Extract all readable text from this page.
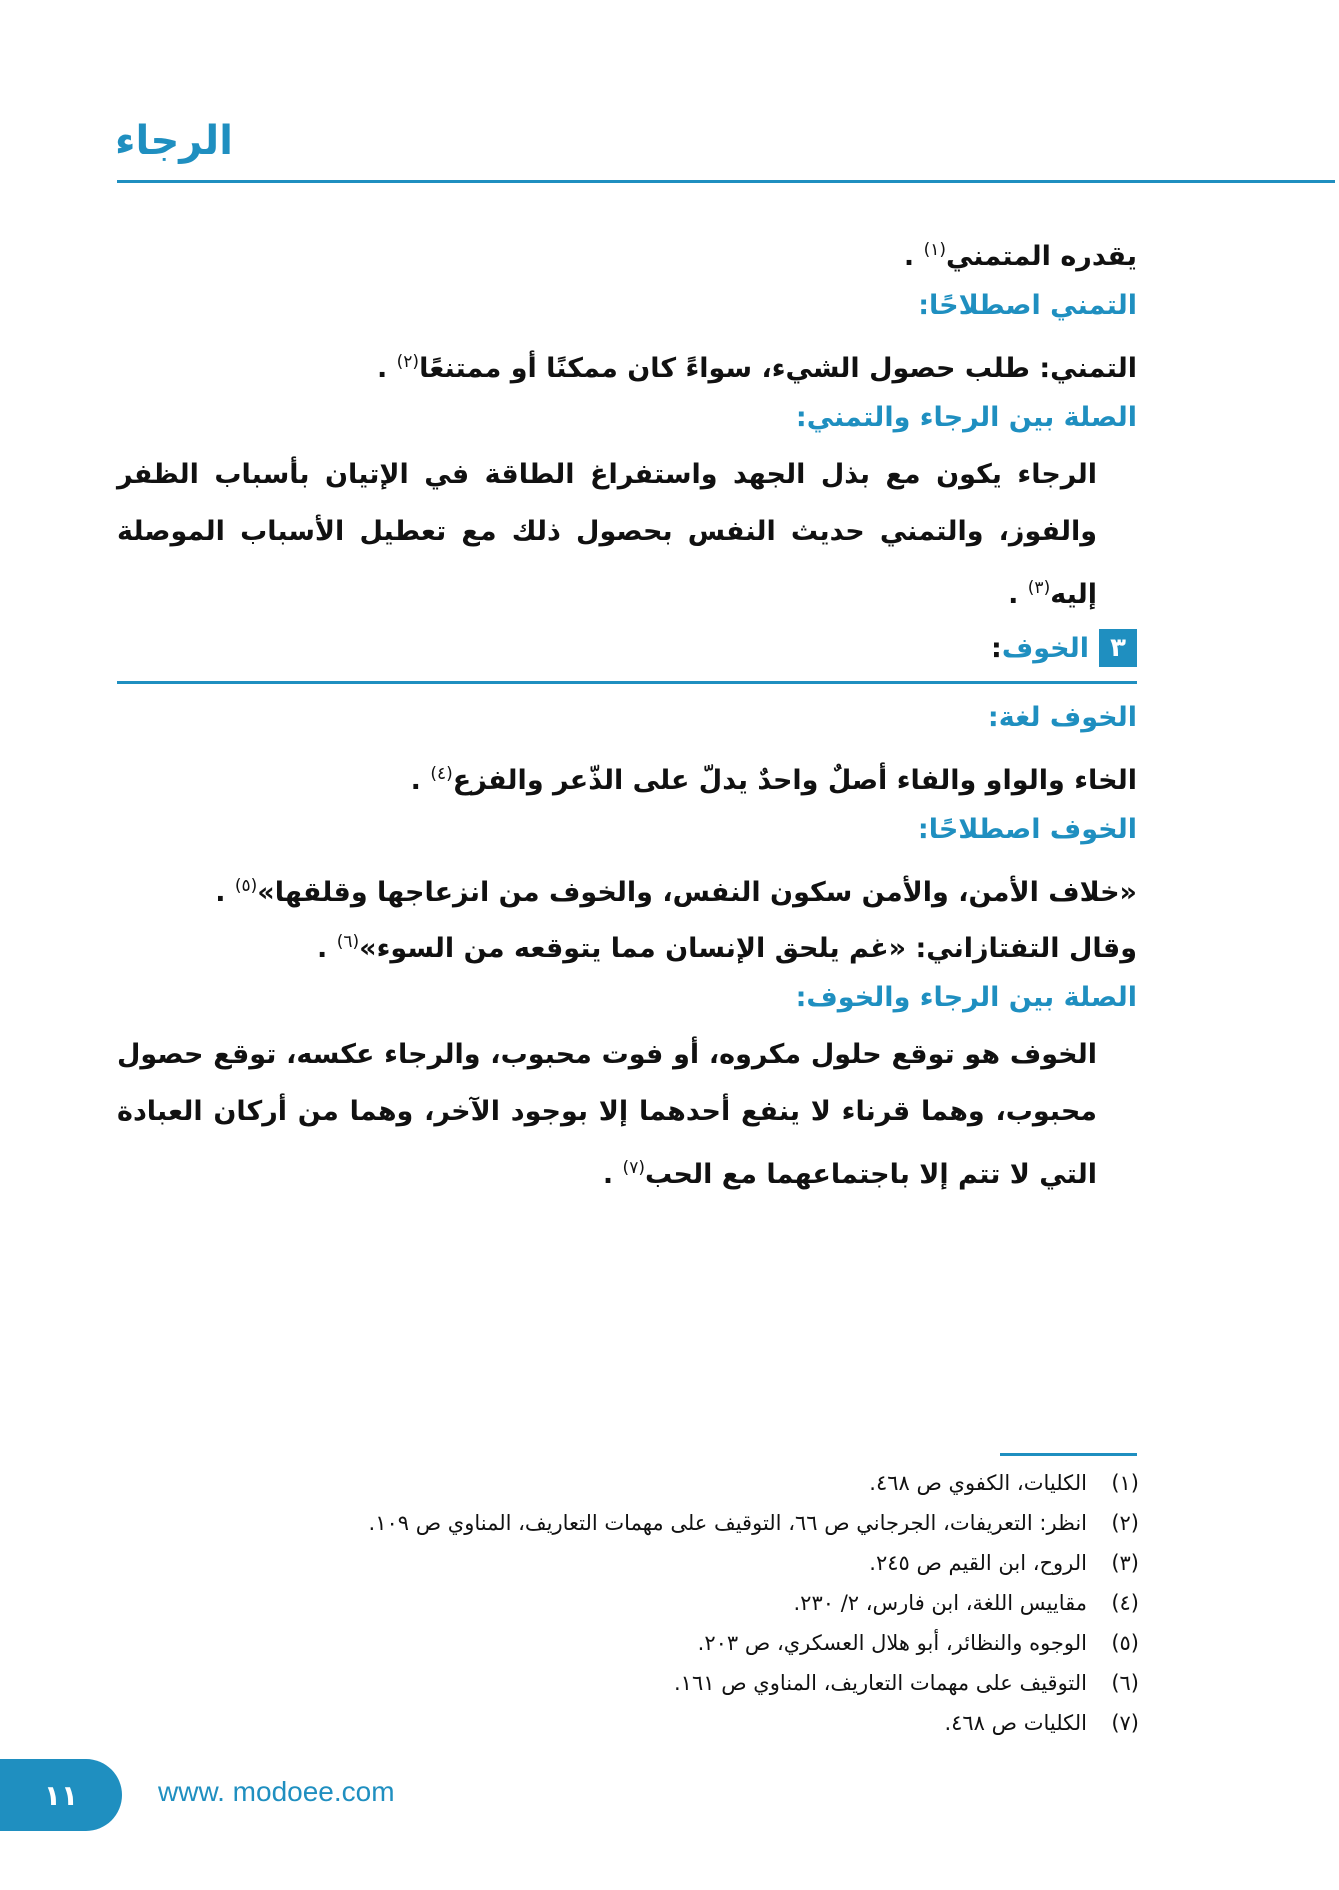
الرجاء
يقدره المتمني$^{(١)}$ .
التمني اصطلاحًا:
التمني: طلب حصول الشيء، سواءً كان ممكنًا أو ممتنعًا$^{(٢)}$ .
الصلة بين الرجاء والتمني:
الرجاء يكون مع بذل الجهد واستفراغ الطاقة في الإتيان بأسباب الظفر والفوز، والتمني حديث النفس بحصول ذلك مع تعطيل الأسباب الموصلة إليه$^{(٣)}$ .
٣
الخوف:
الخوف لغة:
الخاء والواو والفاء أصلٌ واحدٌ يدلّ على الذّعر والفزع$^{(٤)}$ .
الخوف اصطلاحًا:
«خلاف الأمن، والأمن سكون النفس، والخوف من انزعاجها وقلقها»$^{(٥)}$ .
وقال التفتازاني: «غم يلحق الإنسان مما يتوقعه من السوء»$^{(٦)}$ .
الصلة بين الرجاء والخوف:
الخوف هو توقع حلول مكروه، أو فوت محبوب، والرجاء عكسه، توقع حصول محبوب، وهما قرناء لا ينفع أحدهما إلا بوجود الآخر، وهما من أركان العبادة التي لا تتم إلا باجتماعهما مع الحب$^{(٧)}$ .
(١)الكليات، الكفوي ص ٤٦٨.
(٢)انظر: التعريفات، الجرجاني ص ٦٦، التوقيف على مهمات التعاريف، المناوي ص ١٠٩.
(٣)الروح، ابن القيم ص ٢٤٥.
(٤)مقاييس اللغة، ابن فارس، ٢/ ٢٣٠.
(٥)الوجوه والنظائر، أبو هلال العسكري، ص ٢٠٣.
(٦)التوقيف على مهمات التعاريف، المناوي ص ١٦١.
(٧)الكليات ص ٤٦٨.
١١	www. modoee.com
